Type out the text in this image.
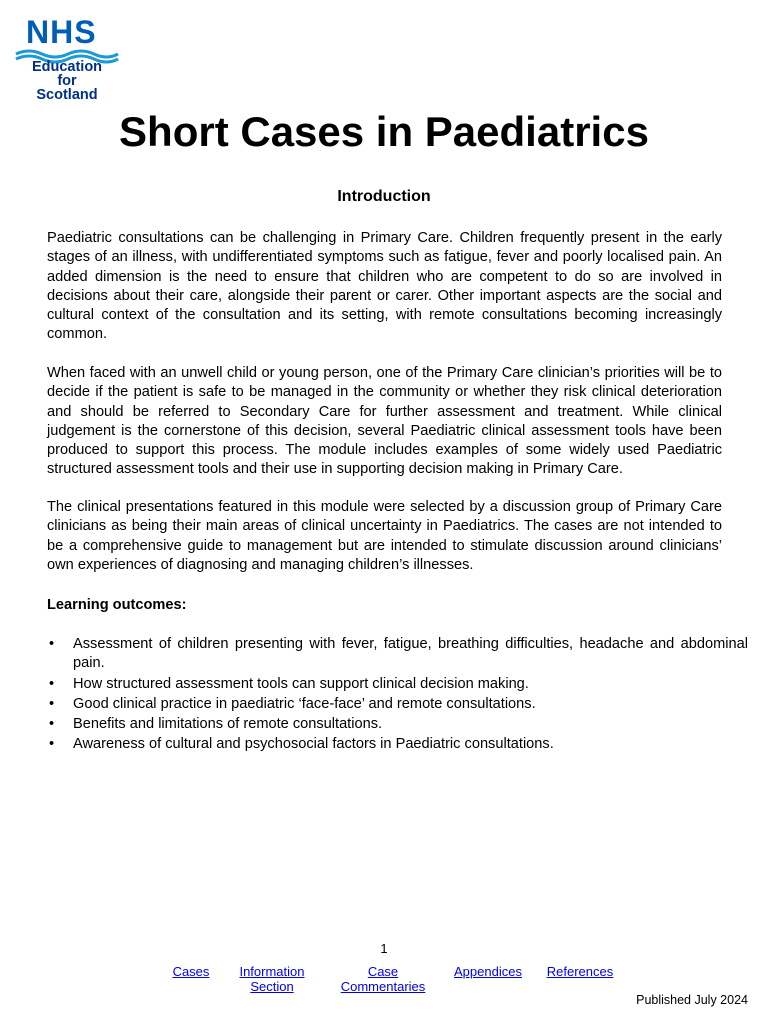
NHS
Education
for
Scotland
Short Cases in Paediatrics
Introduction

Paediatric consultations can be challenging in Primary Care. Children frequently present in the early stages of an illness, with undifferentiated symptoms such as fatigue, fever and poorly localised pain. An added dimension is the need to ensure that children who are competent to do so are involved in decisions about their care, alongside their parent or carer. Other important aspects are the social and cultural context of the consultation and its setting, with remote consultations becoming increasingly common.

When faced with an unwell child or young person, one of the Primary Care clinician’s priorities will be to decide if the patient is safe to be managed in the community or whether they risk clinical deterioration and should be referred to Secondary Care for further assessment and treatment. While clinical judgement is the cornerstone of this decision, several Paediatric clinical assessment tools have been produced to support this process. The module includes examples of some widely used Paediatric structured assessment tools and their use in supporting decision making in Primary Care.

The clinical presentations featured in this module were selected by a discussion group of Primary Care clinicians as being their main areas of clinical uncertainty in Paediatrics. The cases are not intended to be a comprehensive guide to management but are intended to stimulate discussion around clinicians’ own experiences of diagnosing and managing children’s illnesses.

Learning outcomes:
• Assessment of children presenting with fever, fatigue, breathing difficulties, headache and abdominal pain.
• How structured assessment tools can support clinical decision making.
• Good clinical practice in paediatric ‘face-face’ and remote consultations.
• Benefits and limitations of remote consultations.
• Awareness of cultural and psychosocial factors in Paediatric consultations.
1
Cases Information Section
Case Commentaries
Appendices References
Published July 2024
